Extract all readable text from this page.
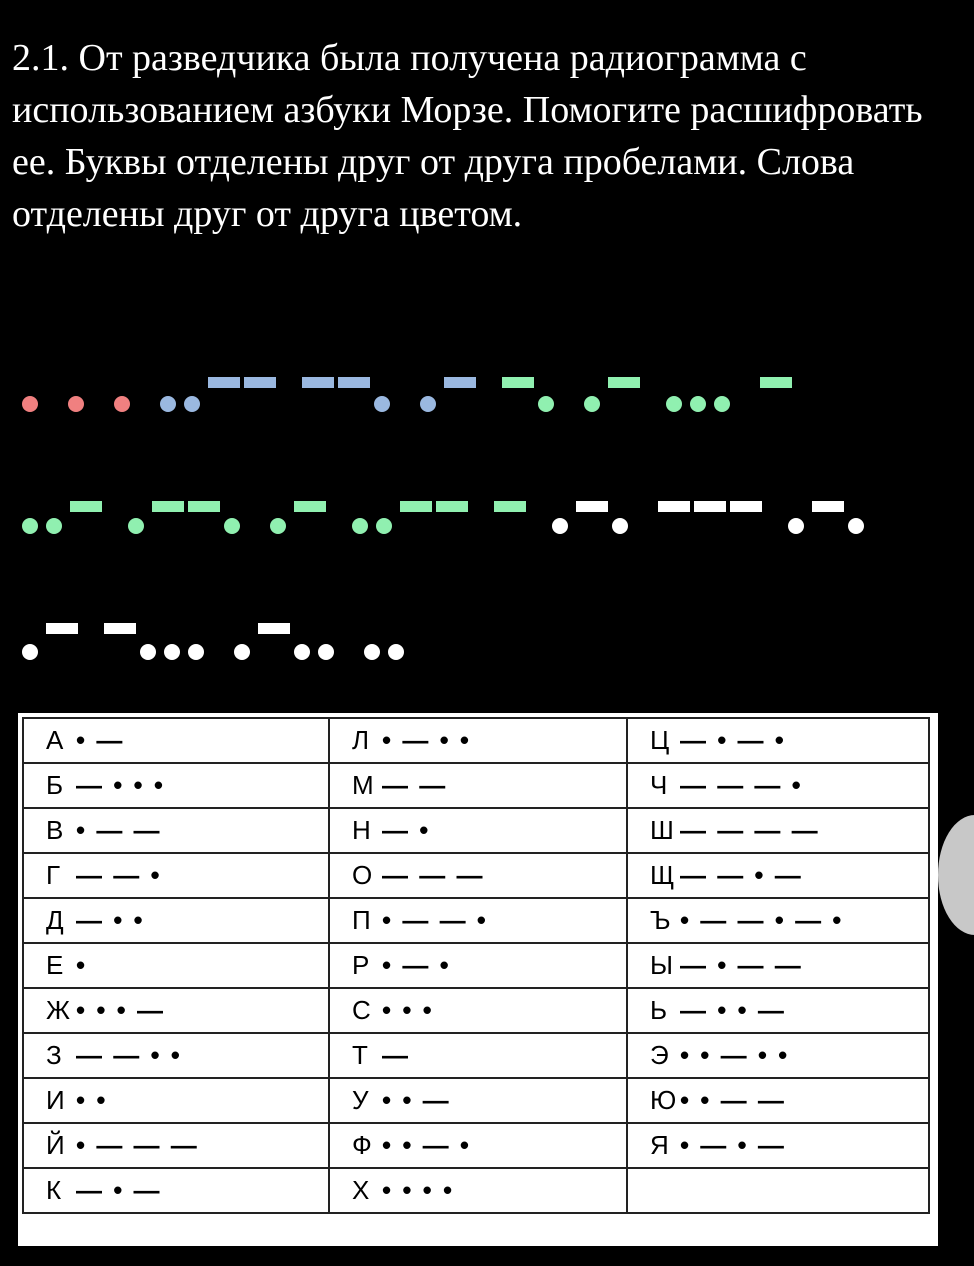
2.1. От разведчика была получена радиограмма с использованием азбуки Морзе. Помогите расшифровать ее. Буквы отделены друг от друга пробелами. Слова отделены друг от друга цветом.

А • —	Л • — • •	Ц — • — •
Б — • • •	М — —	Ч — — — •
В • — —	Н — •	Ш — — — —
Г — — •	О — — —	Щ — — • —
Д — • •	П • — — •	Ъ • — — • — •
Е •	Р • — •	Ы — • — —
Ж • • • —	С • • •	Ь — • • —
З — — • •	Т —	Э • • — • •
И • •	У • • —	Ю • • — —
Й • — — —	Ф • • — •	Я • — • —
К — • —	Х • • • •	
